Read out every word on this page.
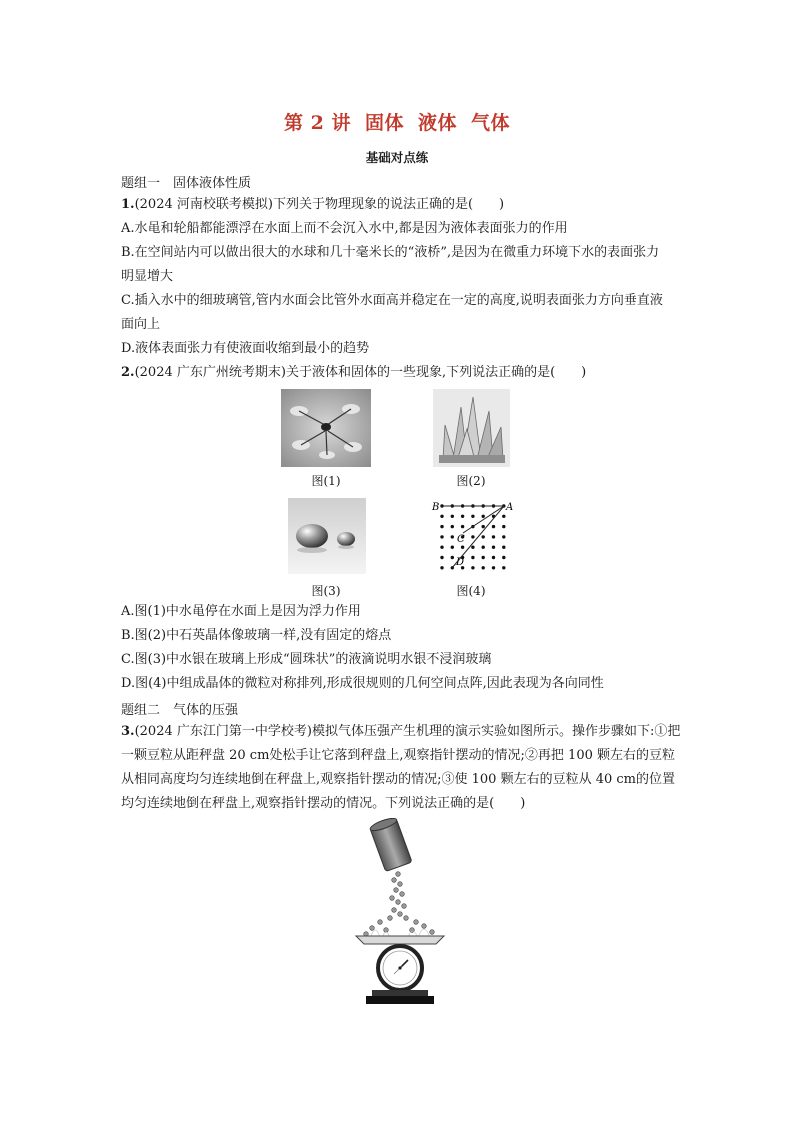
第 2 讲 固体 液体 气体
基础对点练
题组一　固体液体性质
1.(2024 河南校联考模拟)下列关于物理现象的说法正确的是(　　)
A.水黾和轮船都能漂浮在水面上而不会沉入水中,都是因为液体表面张力的作用
B.在空间站内可以做出很大的水球和几十毫米长的“液桥”,是因为在微重力环境下水的表面张力
明显增大
C.插入水中的细玻璃管,管内水面会比管外水面高并稳定在一定的高度,说明表面张力方向垂直液
面向上
D.液体表面张力有使液面收缩到最小的趋势
2.(2024 广东广州统考期末)关于液体和固体的一些现象,下列说法正确的是(　　)
图(1)	图(2)
图(3)
B	A
C
D
图(4)
A.图(1)中水黾停在水面上是因为浮力作用
B.图(2)中石英晶体像玻璃一样,没有固定的熔点
C.图(3)中水银在玻璃上形成“圆珠状”的液滴说明水银不浸润玻璃
D.图(4)中组成晶体的微粒对称排列,形成很规则的几何空间点阵,因此表现为各向同性
题组二　气体的压强
3.(2024 广东江门第一中学校考)模拟气体压强产生机理的演示实验如图所示。操作步骤如下:①把
一颗豆粒从距秤盘 20 cm处松手让它落到秤盘上,观察指针摆动的情况;②再把 100 颗左右的豆粒
从相同高度均匀连续地倒在秤盘上,观察指针摆动的情况;③使 100 颗左右的豆粒从 40 cm的位置
均匀连续地倒在秤盘上,观察指针摆动的情况。下列说法正确的是(　　)
